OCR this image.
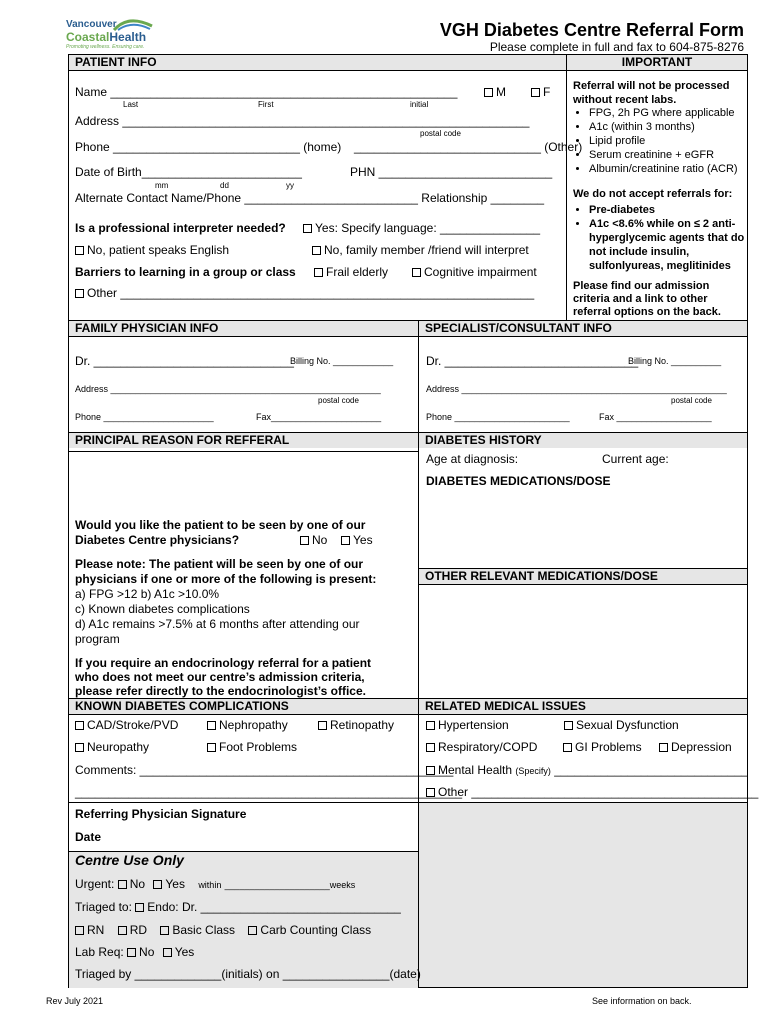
Vancouver
CoastalHealth
Promoting wellness. Ensuring care.
VGH Diabetes Centre Referral Form
Please complete in full and fax to 604-875-8276
PATIENT INFO
Name ____________________________________________________	M	F
Last	First	initial
Address _____________________________________________________________
postal code
Phone ____________________________ (home) ____________________________ (Other)
Date of Birth________________________
mm	dd	yy
PHN __________________________
Alternate Contact Name/Phone __________________________ Relationship ________
Is a professional interpreter needed?	Yes: Specify language: _______________
No, patient speaks English	No, family member /friend will interpret
Barriers to learning in a group or class	Frail elderly	Cognitive impairment
Other ______________________________________________________________
IMPORTANT
Referral will not be processed without recent labs.
• FPG, 2h PG where applicable
• A1c (within 3 months)
• Lipid profile
• Serum creatinine + eGFR
• Albumin/creatinine ratio (ACR)
We do not accept referrals for:
• Pre-diabetes
• A1c <8.6% while on ≤ 2 anti-hyperglycemic agents that do not include insulin, sulfonlyureas, meglitinides
Please find our admission criteria and a link to other referral options on the back.
FAMILY PHYSICIAN INFO	SPECIALIST/CONSULTANT INFO
Dr. ______________________________
Billing No. ____________
Address ______________________________________________________
postal code
Phone ______________________	Fax______________________
Dr. _____________________________
Billing No. __________
Address _____________________________________________________
postal code
Phone _______________________	Fax ___________________
PRINCIPAL REASON FOR REFFERAL	DIABETES HISTORY
Age at diagnosis:	Current age:
DIABETES MEDICATIONS/DOSE
Would you like the patient to be seen by one of our
Diabetes Centre physicians?	No	Yes
Please note: The patient will be seen by one of our
physicians if one or more of the following is present:
a) FPG >12 b) A1c >10.0%
c) Known diabetes complications
d) A1c remains >7.5% at 6 months after attending our
program
If you require an endocrinology referral for a patient
who does not meet our centre’s admission criteria,
please refer directly to the endocrinologist’s office.
OTHER RELEVANT MEDICATIONS/DOSE
KNOWN DIABETES COMPLICATIONS	RELATED MEDICAL ISSUES
CAD/Stroke/PVD	Nephropathy	Retinopathy
Neuropathy	Foot Problems
Comments: _______________________________________________
__________________________________________________________
Hypertension	Sexual Dysfunction
Respiratory/COPD	GI Problems	Depression
Mental Health (Specify) _____________________________
Other ___________________________________________
Referring Physician Signature
Date
Centre Use Only
Urgent: No Yes within _____________________weeks
Triaged to: Endo: Dr. ______________________________
RN RD Basic Class Carb Counting Class
Lab Req: No Yes
Triaged by _____________(initials) on ________________(date)
Rev July 2021	See information on back.
